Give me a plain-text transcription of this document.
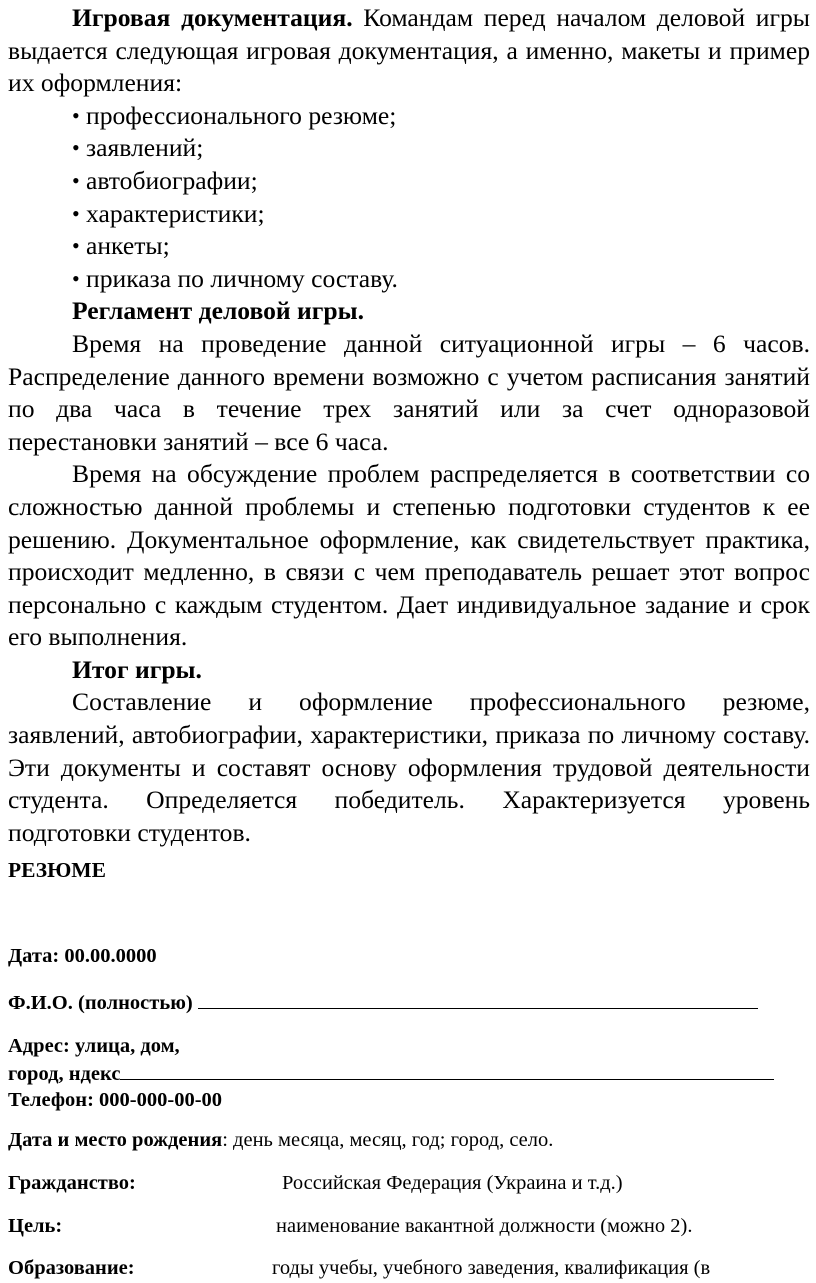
Игровая документация. Командам перед началом деловой игры выдается следующая игровая документация, а именно, макеты и пример их оформления:

• профессионального резюме;
• заявлений;
• автобиографии;
• характеристики;
• анкеты;
• приказа по личному составу.

Регламент деловой игры.

Время на проведение данной ситуационной игры – 6 часов. Распределение данного времени возможно с учетом расписания занятий по два часа в течение трех занятий или за счет одноразовой перестановки занятий – все 6 часа.

Время на обсуждение проблем распределяется в соответствии со сложностью данной проблемы и степенью подготовки студентов к ее решению. Документальное оформление, как свидетельствует практика, происходит медленно, в связи с чем преподаватель решает этот вопрос персонально с каждым студентом. Дает индивидуальное задание и срок его выполнения.

Итог игры.

Составление и оформление профессионального резюме, заявлений, автобиографии, характеристики, приказа по личному составу. Эти документы и составят основу оформления трудовой деятельности студента. Определяется победитель. Характеризуется уровень подготовки студентов.

РЕЗЮМЕ
Дата: 00.00.0000
Ф.И.О. (полностью)
Адрес: улица, дом,
город, ндекс
Телефон: 000-000-00-00
Дата и место рождения: день месяца, месяц, год; город, село.
Гражданство:	Российская Федерация (Украина и т.д.)
Цель:	наименование вакантной должности (можно 2).
Образование:	годы учебы, учебного заведения, квалификация (в
